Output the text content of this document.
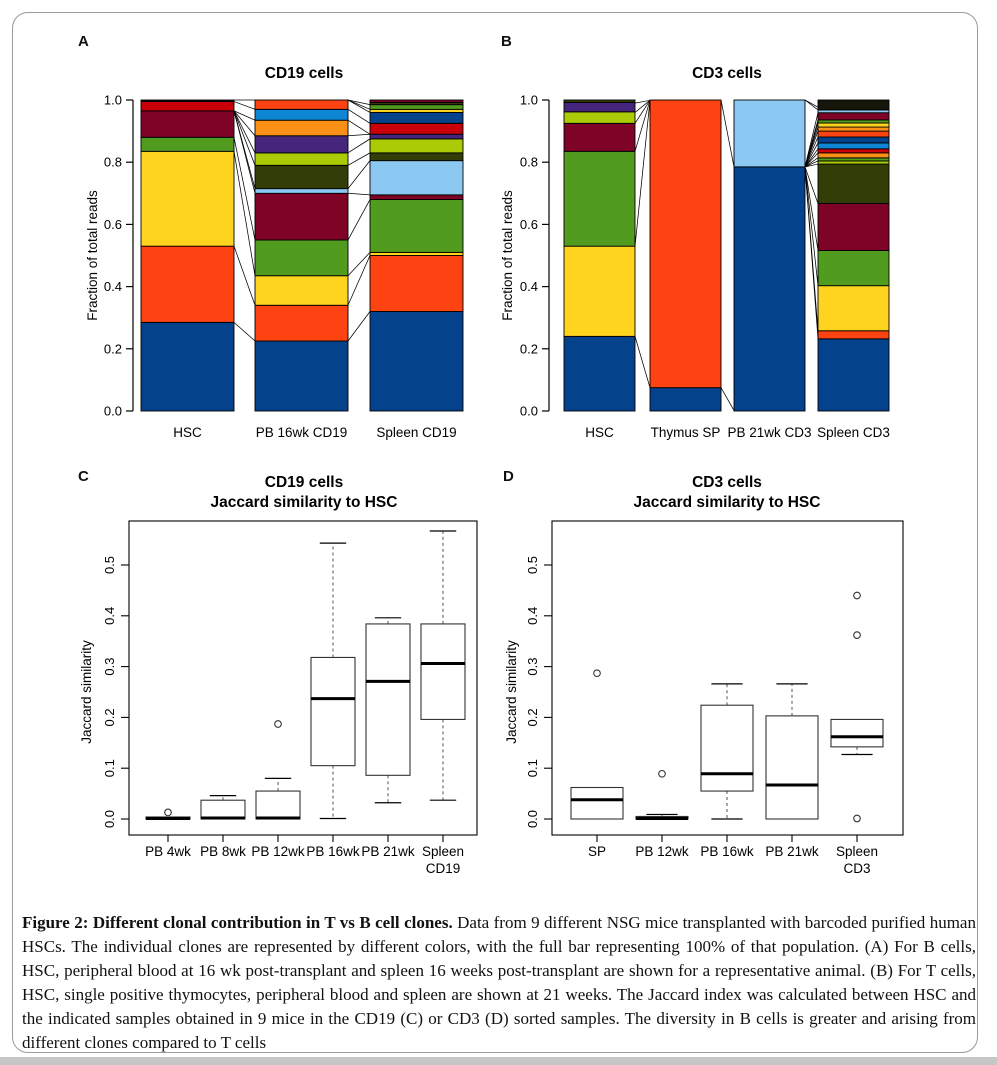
0.0
0.2
0.4
0.6
0.8
1.0
Fraction of total reads
HSC	PB 16wk CD19 Spleen CD19
0.0
0.2
0.4
0.6
0.8
1.0
Fraction of total reads
HSC	Thymus SP PB 21wk CD3 Spleen CD3
0.0
0.1
0.2
0.3
0.4
0.5
Jaccard similarity
PB 4wk PB 8wk PB 12wk PB 16wk PB 21wk Spleen
CD19
0.0
0.1
0.2
0.3
0.4
0.5
Jaccard similarity
SP PB 12wk PB 16wk PB 21wk Spleen
CD3
A	B
C	D
CD19 cells	CD3 cells
CD19 cells
Jaccard similarity to HSC
CD3 cells
Jaccard similarity to HSC
Figure 2: Different clonal contribution in T vs B cell clones. Data from 9 different NSG mice transplanted with barcoded purified human HSCs. The individual clones are represented by different colors, with the full bar representing 100% of that population. (A) For B cells, HSC, peripheral blood at 16 wk post-transplant and spleen 16 weeks post-transplant are shown for a representative animal. (B) For T cells, HSC, single positive thymocytes, peripheral blood and spleen are shown at 21 weeks. The Jaccard index was calculated between HSC and the indicated samples obtained in 9 mice in the CD19 (C) or CD3 (D) sorted samples. The diversity in B cells is greater and arising from different clones compared to T cells
